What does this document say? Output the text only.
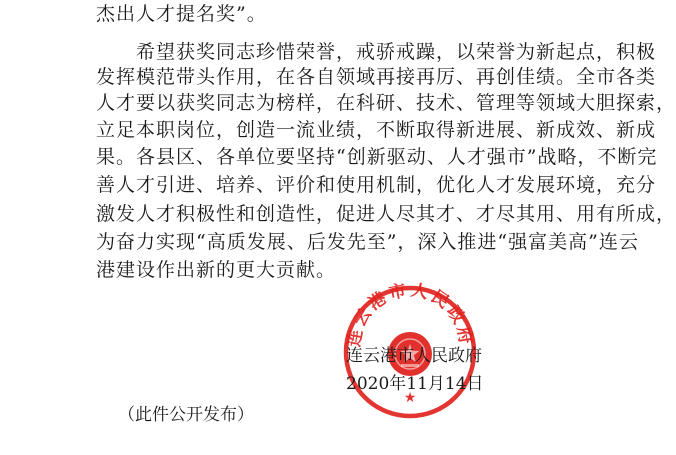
杰出人才提名奖”。
希望获奖同志珍惜荣誉，戒骄戒躁，以荣誉为新起点，积极
发挥模范带头作用，在各自领域再接再厉、再创佳绩。全市各类
人才要以获奖同志为榜样，在科研、技术、管理等领域大胆探索，
立足本职岗位，创造一流业绩，不断取得新进展、新成效、新成
果。各县区、各单位要坚持“创新驱动、人才强市”战略，不断完
善人才引进、培养、评价和使用机制，优化人才发展环境，充分
激发人才积极性和创造性，促进人尽其才、才尽其用、用有所成，
为奋力实现“高质发展、后发先至”，深入推进“强富美高”连云
港建设作出新的更大贡献。
连云港市人民政府
★
连云港市人民政府
2020年11月14日
（此件公开发布）
